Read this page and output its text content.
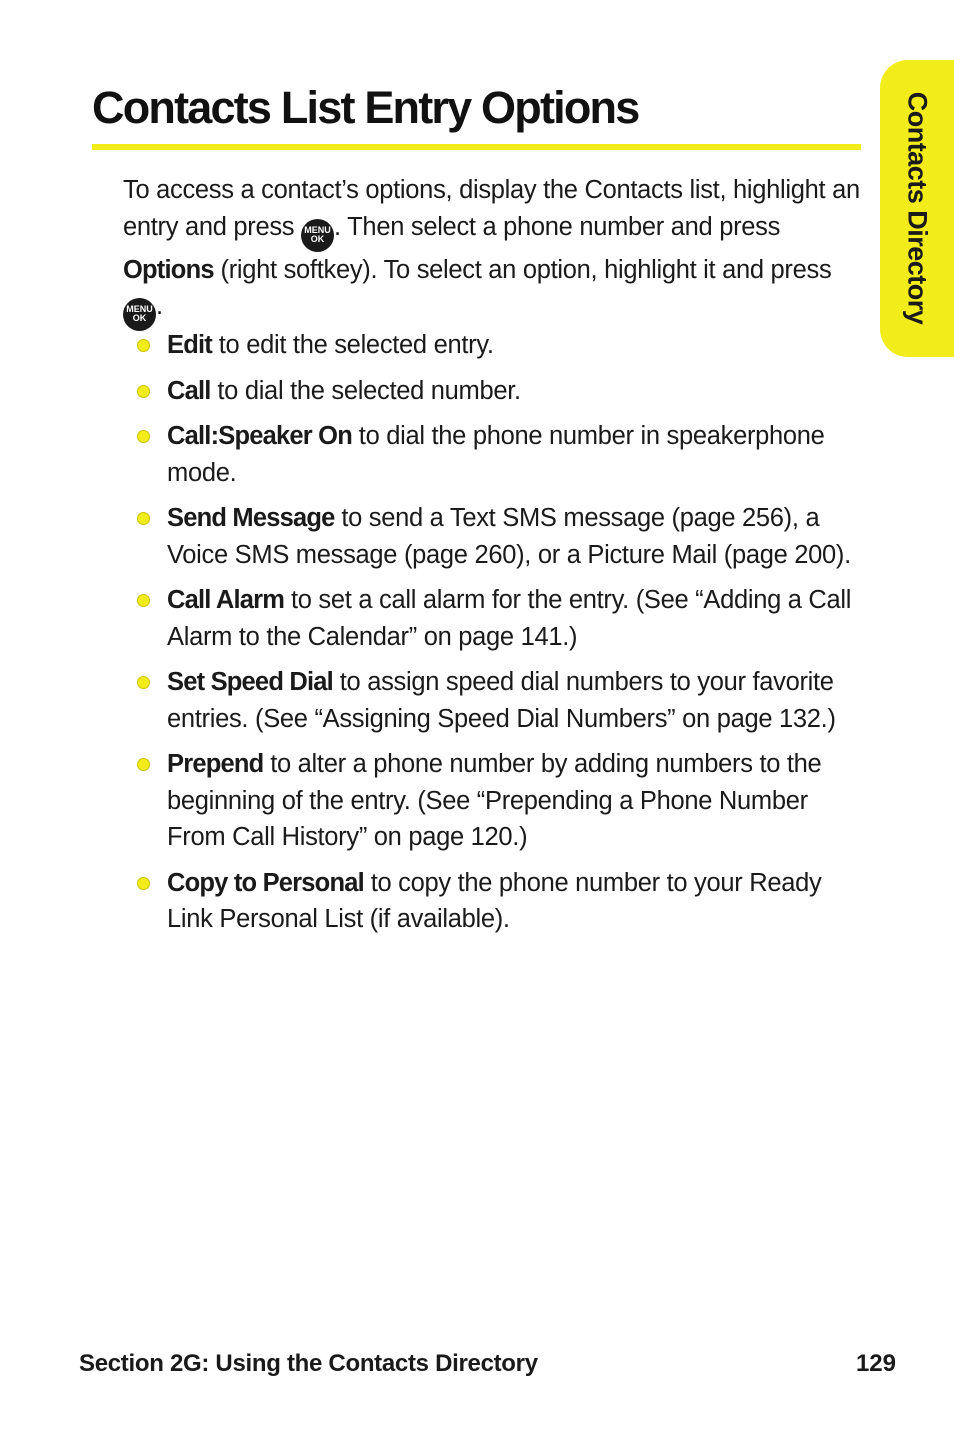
Contacts Directory
Contacts List Entry Options

To access a contact’s options, display the Contacts list, highlight an entry and press MENU
OK . Then select a phone number and press Options (right softkey). To select an option, highlight it and press
MENU
OK .

Edit to edit the selected entry.
Call to dial the selected number.
Call:Speaker On to dial the phone number in speakerphone mode.
Send Message to send a Text SMS message (page 256), a Voice SMS message (page 260), or a Picture Mail (page 200).
Call Alarm to set a call alarm for the entry. (See “Adding a Call Alarm to the Calendar” on page 141.)
Set Speed Dial to assign speed dial numbers to your favorite entries. (See “Assigning Speed Dial Numbers” on page 132.)
Prepend to alter a phone number by adding numbers to the beginning of the entry. (See “Prepending a Phone Number From Call History” on page 120.)
Copy to Personal to copy the phone number to your Ready Link Personal List (if available).
Section 2G: Using the Contacts Directory	129
